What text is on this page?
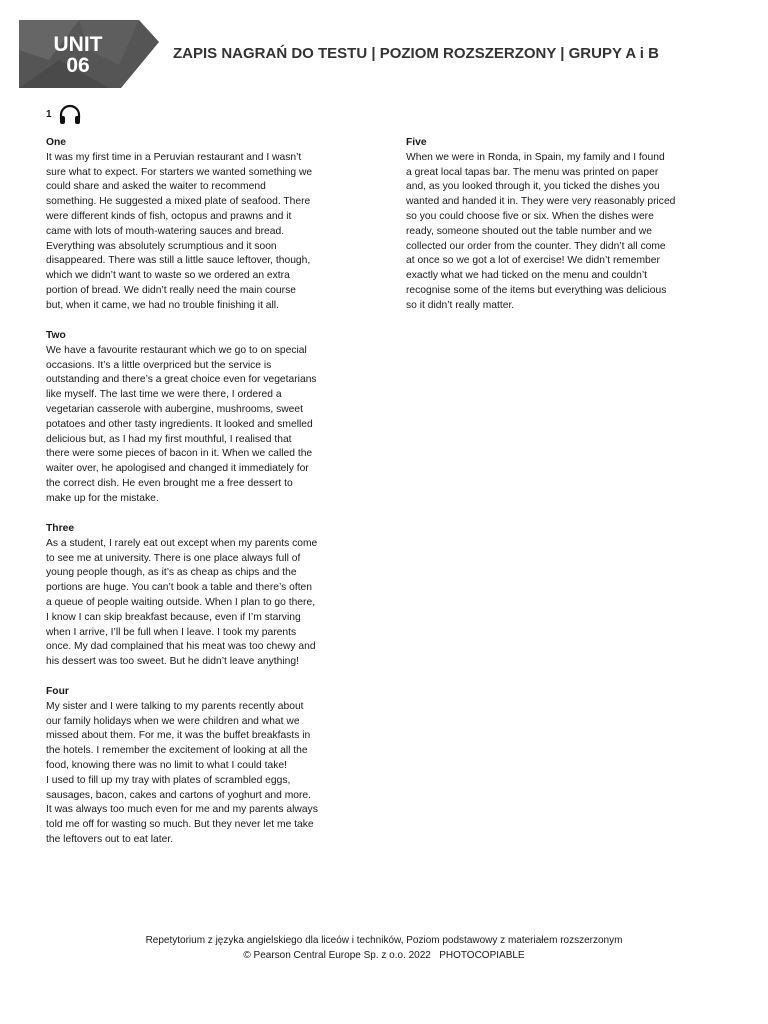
UNIT
06
ZAPIS NAGRAŃ DO TESTU | POZIOM ROZSZERZONY | GRUPY A i B
1
One
It was my first time in a Peruvian restaurant and I wasn’t
sure what to expect. For starters we wanted something we
could share and asked the waiter to recommend
something. He suggested a mixed plate of seafood. There
were different kinds of fish, octopus and prawns and it
came with lots of mouth-watering sauces and bread.
Everything was absolutely scrumptious and it soon
disappeared. There was still a little sauce leftover, though,
which we didn’t want to waste so we ordered an extra
portion of bread. We didn’t really need the main course
but, when it came, we had no trouble finishing it all.
Two
We have a favourite restaurant which we go to on special
occasions. It’s a little overpriced but the service is
outstanding and there’s a great choice even for vegetarians
like myself. The last time we were there, I ordered a
vegetarian casserole with aubergine, mushrooms, sweet
potatoes and other tasty ingredients. It looked and smelled
delicious but, as I had my first mouthful, I realised that
there were some pieces of bacon in it. When we called the
waiter over, he apologised and changed it immediately for
the correct dish. He even brought me a free dessert to
make up for the mistake.
Three
As a student, I rarely eat out except when my parents come
to see me at university. There is one place always full of
young people though, as it’s as cheap as chips and the
portions are huge. You can’t book a table and there’s often
a queue of people waiting outside. When I plan to go there,
I know I can skip breakfast because, even if I’m starving
when I arrive, I’ll be full when I leave. I took my parents
once. My dad complained that his meat was too chewy and
his dessert was too sweet. But he didn’t leave anything!
Four
My sister and I were talking to my parents recently about
our family holidays when we were children and what we
missed about them. For me, it was the buffet breakfasts in
the hotels. I remember the excitement of looking at all the
food, knowing there was no limit to what I could take!
I used to fill up my tray with plates of scrambled eggs,
sausages, bacon, cakes and cartons of yoghurt and more.
It was always too much even for me and my parents always
told me off for wasting so much. But they never let me take
the leftovers out to eat later.
Five
When we were in Ronda, in Spain, my family and I found
a great local tapas bar. The menu was printed on paper
and, as you looked through it, you ticked the dishes you
wanted and handed it in. They were very reasonably priced
so you could choose five or six. When the dishes were
ready, someone shouted out the table number and we
collected our order from the counter. They didn’t all come
at once so we got a lot of exercise! We didn’t remember
exactly what we had ticked on the menu and couldn’t
recognise some of the items but everything was delicious
so it didn’t really matter.
Repetytorium z języka angielskiego dla liceów i techników, Poziom podstawowy z materiałem rozszerzonym
© Pearson Central Europe Sp. z o.o. 2022   PHOTOCOPIABLE
